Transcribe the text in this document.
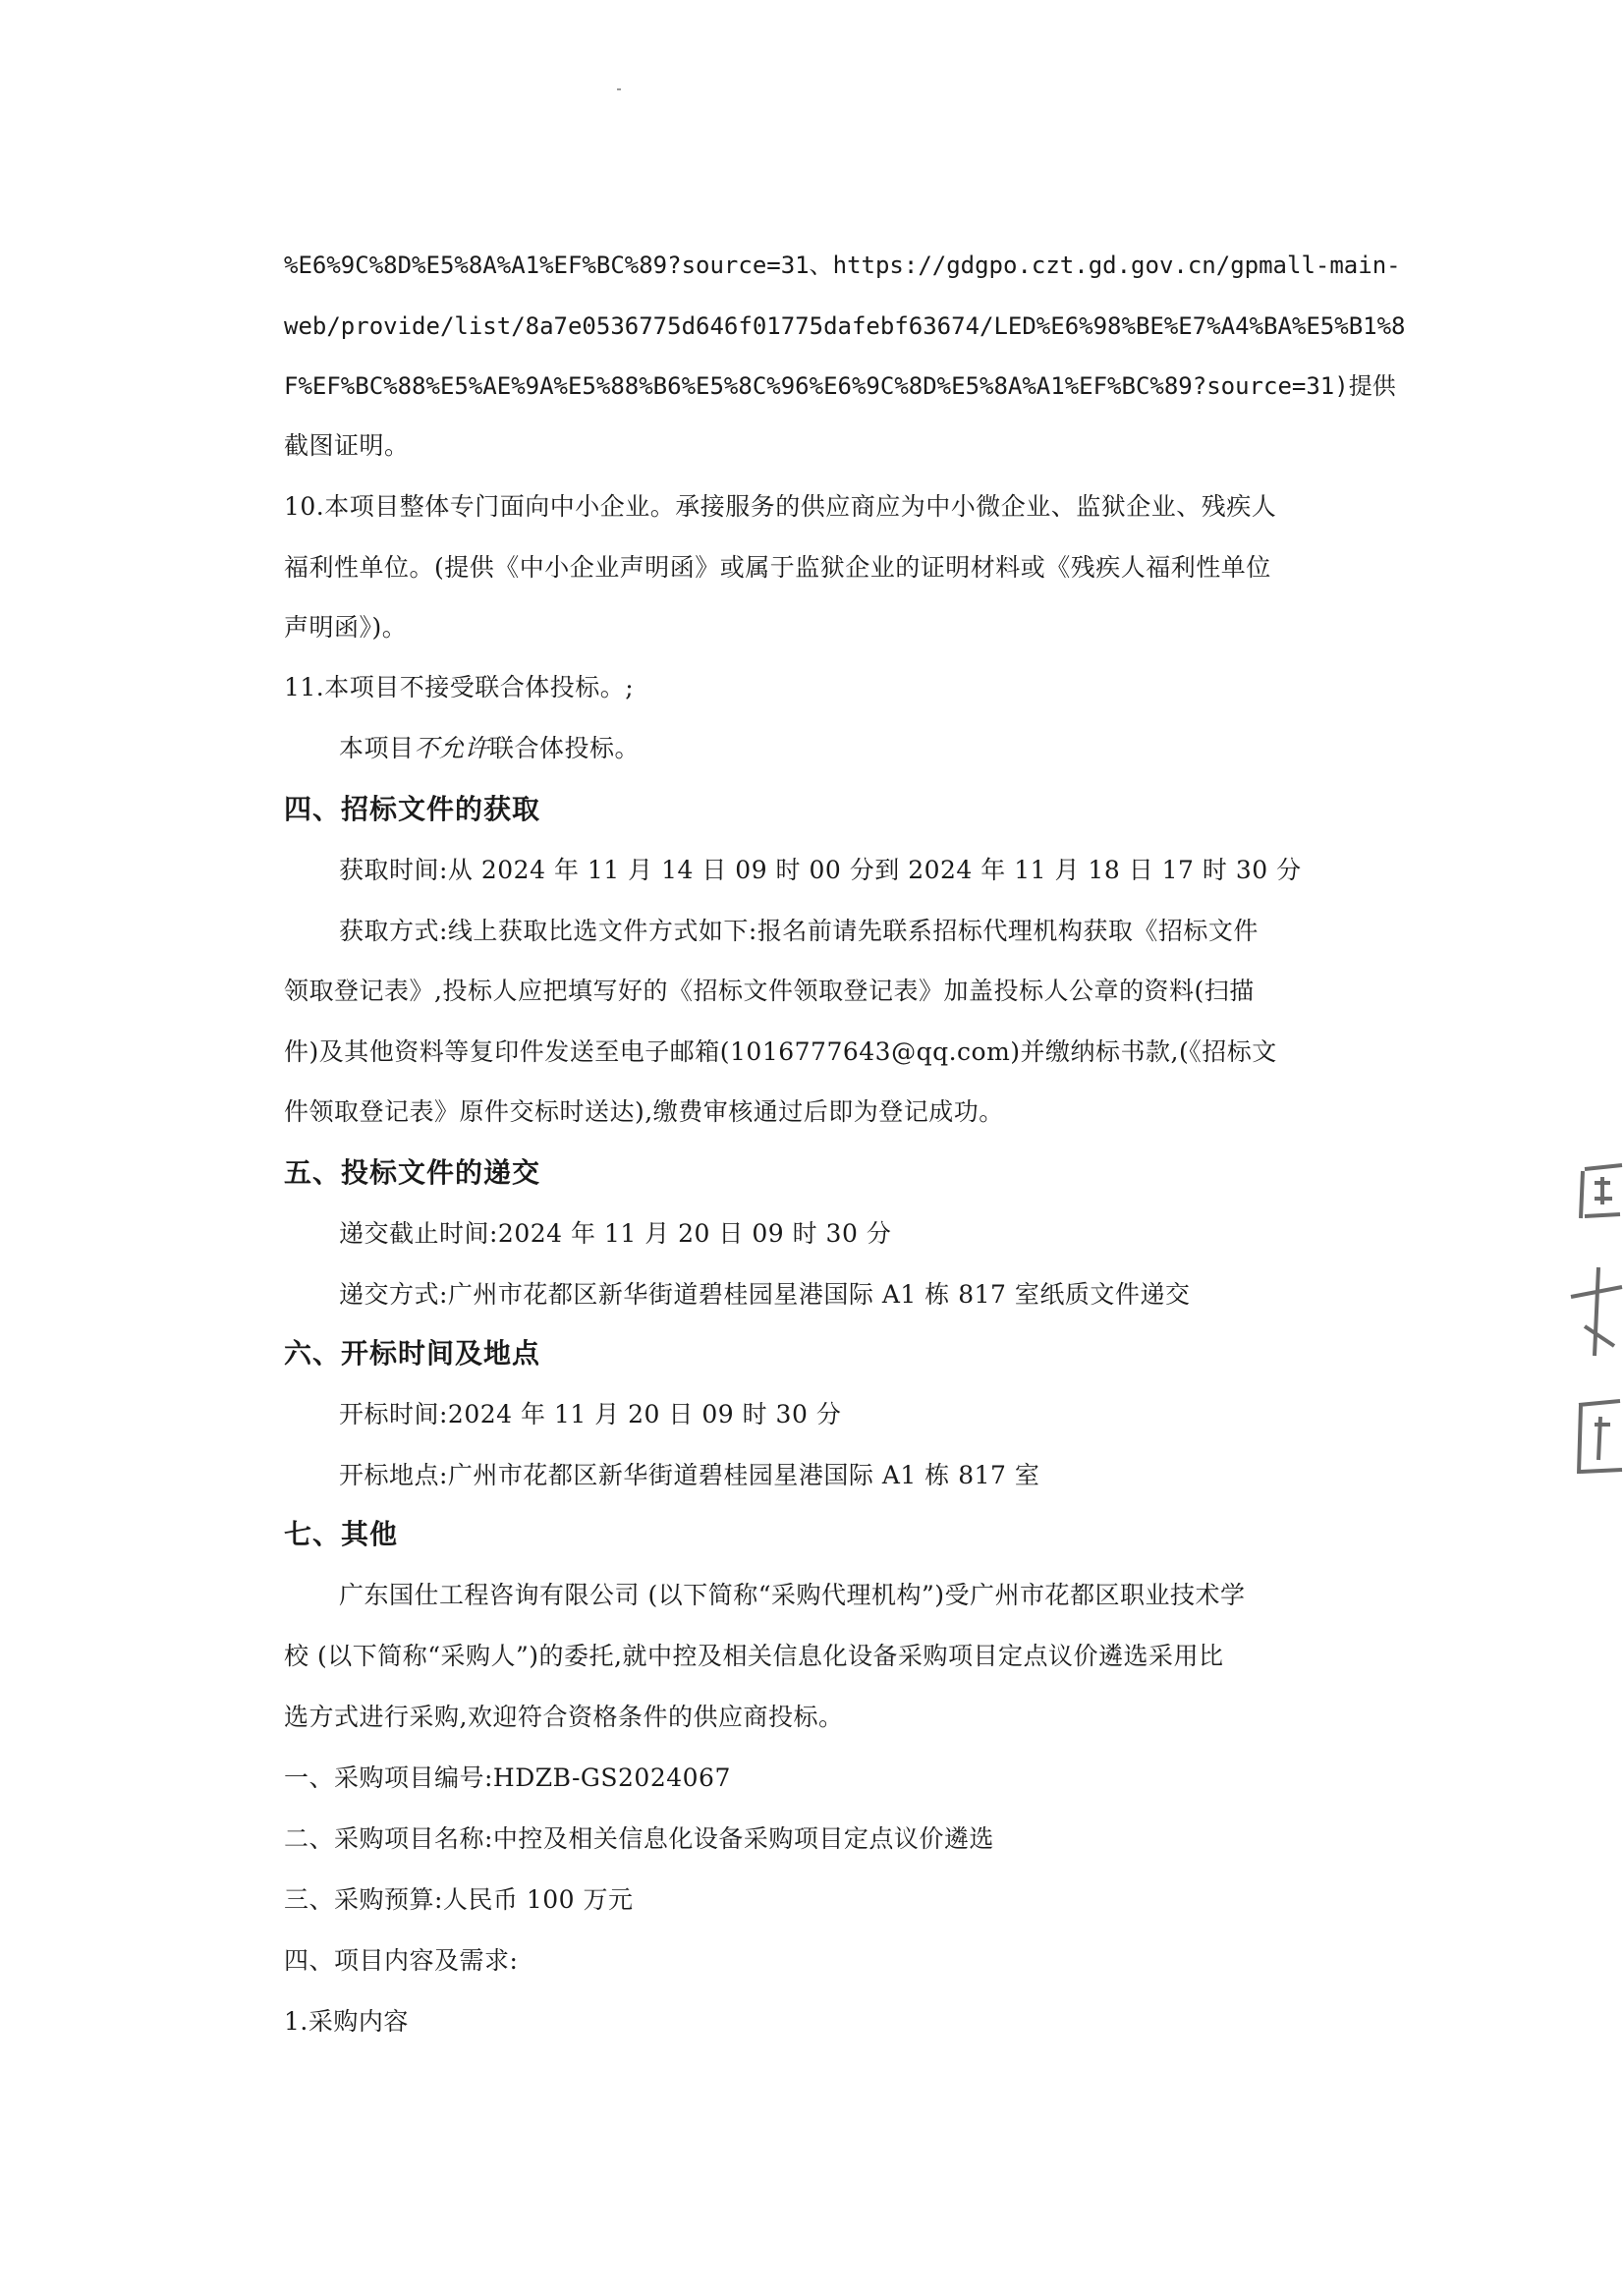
%E6%9C%8D%E5%8A%A1%EF%BC%89?source=31、https://gdgpo.czt.gd.gov.cn/gpmall-main-
web/provide/list/8a7e0536775d646f01775dafebf63674/LED%E6%98%BE%E7%A4%BA%E5%B1%8
F%EF%BC%88%E5%AE%9A%E5%88%B6%E5%8C%96%E6%9C%8D%E5%8A%A1%EF%BC%89?source=31)提供
截图证明。
10.本项目整体专门面向中小企业。承接服务的供应商应为中小微企业、监狱企业、残疾人
福利性单位。(提供《中小企业声明函》或属于监狱企业的证明材料或《残疾人福利性单位
声明函》)。
11.本项目不接受联合体投标。;
本项目不允许联合体投标。
四、招标文件的获取
获取时间:从 2024 年 11 月 14 日 09 时 00 分到 2024 年 11 月 18 日 17 时 30 分
获取方式:线上获取比选文件方式如下:报名前请先联系招标代理机构获取《招标文件
领取登记表》,投标人应把填写好的《招标文件领取登记表》加盖投标人公章的资料(扫描
件)及其他资料等复印件发送至电子邮箱(1016777643@qq.com)并缴纳标书款,(《招标文
件领取登记表》原件交标时送达),缴费审核通过后即为登记成功。
五、投标文件的递交
递交截止时间:2024 年 11 月 20 日 09 时 30 分
递交方式:广州市花都区新华街道碧桂园星港国际 A1 栋 817 室纸质文件递交
六、开标时间及地点
开标时间:2024 年 11 月 20 日 09 时 30 分
开标地点:广州市花都区新华街道碧桂园星港国际 A1 栋 817 室
七、其他
广东国仕工程咨询有限公司 (以下简称“采购代理机构”)受广州市花都区职业技术学
校 (以下简称“采购人”)的委托,就中控及相关信息化设备采购项目定点议价遴选采用比
选方式进行采购,欢迎符合资格条件的供应商投标。
一、采购项目编号:HDZB-GS2024067
二、采购项目名称:中控及相关信息化设备采购项目定点议价遴选
三、采购预算:人民币 100 万元
四、项目内容及需求:
1.采购内容
